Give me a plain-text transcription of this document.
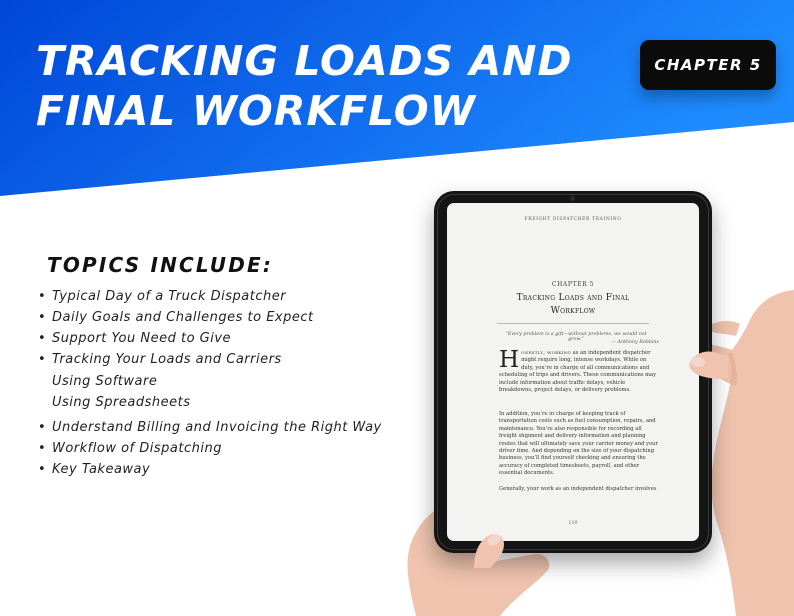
TRACKING LOADS AND
FINAL WORKFLOW
CHAPTER 5
TOPICS INCLUDE:
• Typical Day of a Truck Dispatcher
• Daily Goals and Challenges to Expect
• Support You Need to Give
• Tracking Your Loads and Carriers
Using Software
Using Spreadsheets
• Understand Billing and Invoicing the Right Way
• Workflow of Dispatching
• Key Takeaway
FREIGHT DISPATCHER TRAINING
CHAPTER 5
Tracking Loads and Final
Workflow
“Every problem is a gift—without problems, we would not grow.”
— Anthony Robbins
Honestly, working as an independent dispatcher might require long, intense workdays. While on duty, you’re in charge of all communications and scheduling of trips and drivers. These communications may include information about traffic delays, vehicle breakdowns, project delays, or delivery problems.
In addition, you’re in charge of keeping track of transportation costs such as fuel consumption, repairs, and maintenance. You’re also responsible for recording all freight shipment and delivery information and planning routes that will ultimately save your carrier money and your driver time. And depending on the size of your dispatching business, you’ll find yourself checking and ensuring the accuracy of completed timesheets, payroll, and other essential documents.
Generally, your work as an independent dispatcher involves
110
